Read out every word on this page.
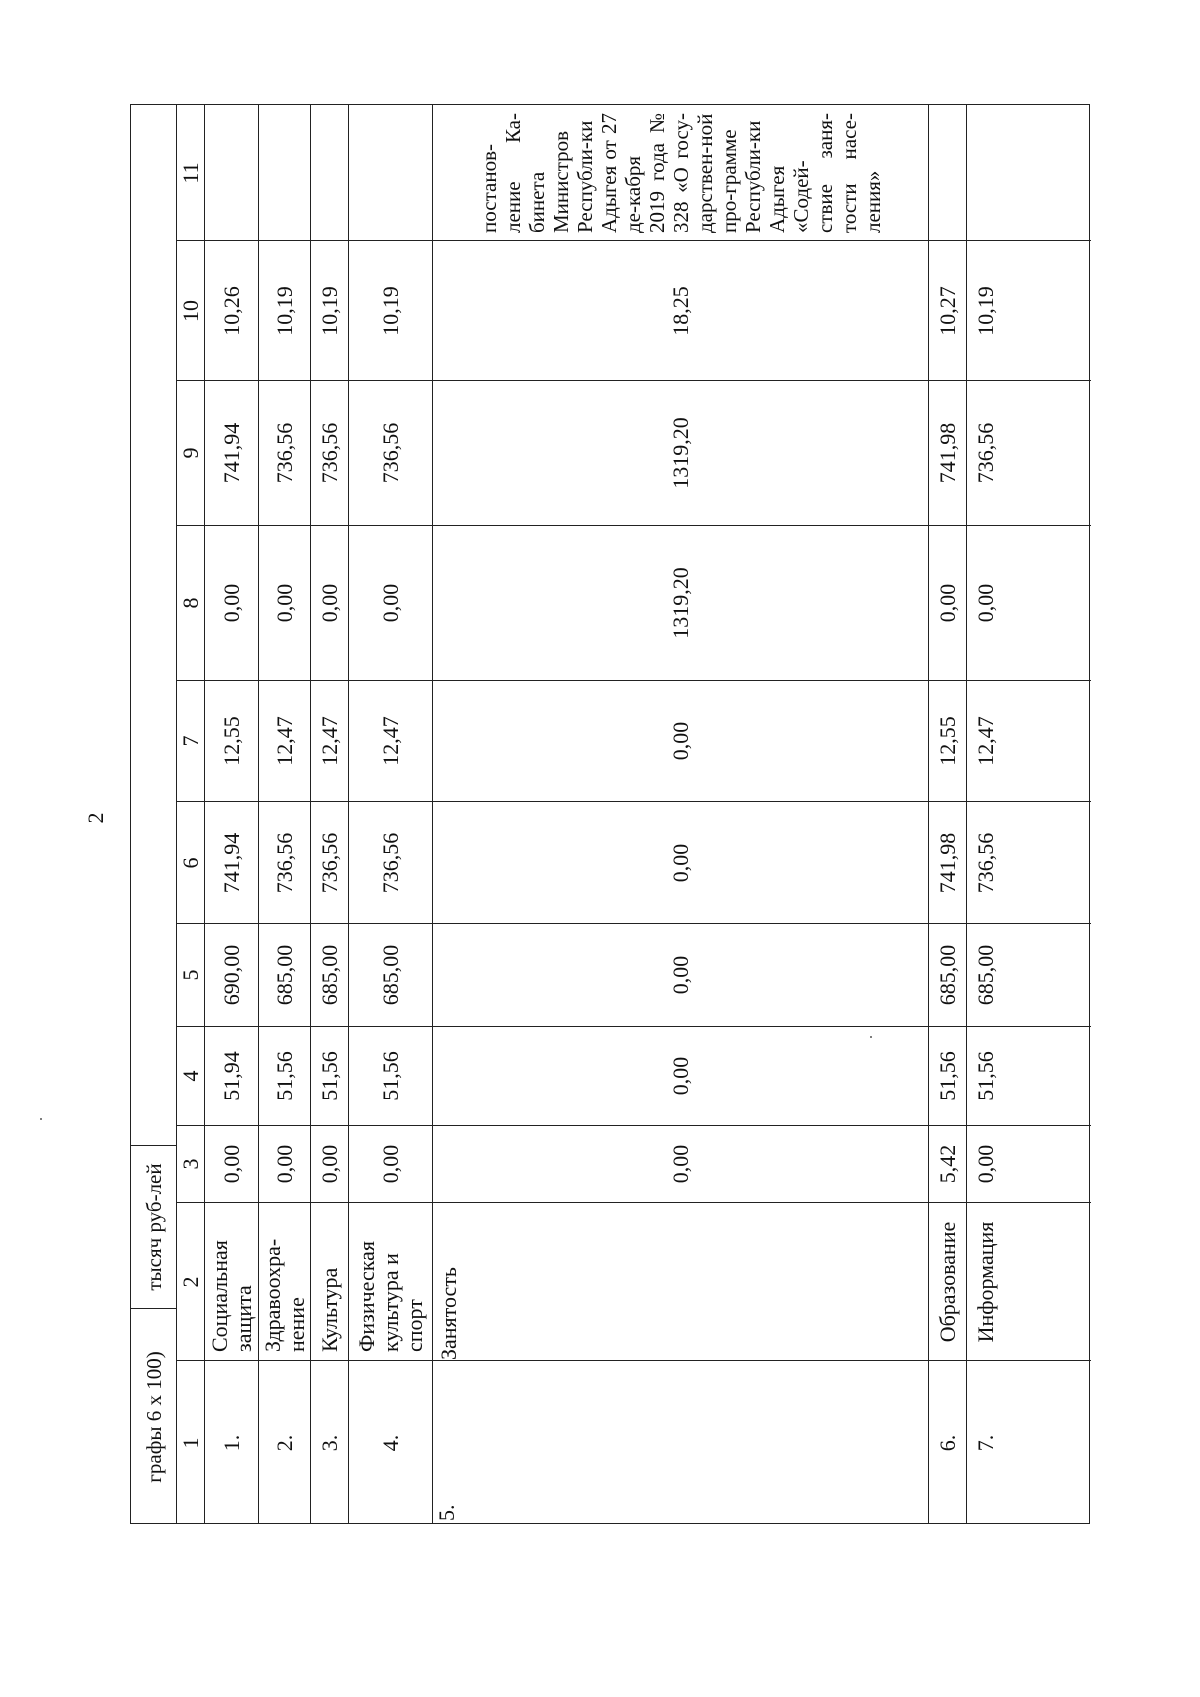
2
тысяч руб-лей
графы 6 х 100)
11
10
9
8
7
6
5
4
3
2
1
10,26
741,94
0,00
12,55
741,94
690,00
51,94
0,00
Социальная защита
1.
10,19
736,56
0,00
12,47
736,56
685,00
51,56
0,00
Здравоохра-нение
2.
10,19
736,56
0,00
12,47
736,56
685,00
51,56
0,00
Культура
3.
10,19
736,56
0,00
12,47
736,56
685,00
51,56
0,00
Физическая культура и спорт
4.
постанов-ление Ка-бинета Министров Республи-ки Адыгея от 27 де-кабря 2019 года № 328 «О госу-дарствен-ной про-грамме Республи-ки Адыгея «Содей-ствие заня-тости насе-ления»
18,25
1319,20
1319,20
0,00
0,00
0,00
0,00
0,00
Занятость
5.
10,27
741,98
0,00
12,55
741,98
685,00
51,56
5,42
Образование
6.
10,19
736,56
0,00
12,47
736,56
685,00
51,56
0,00
Информация
7.
